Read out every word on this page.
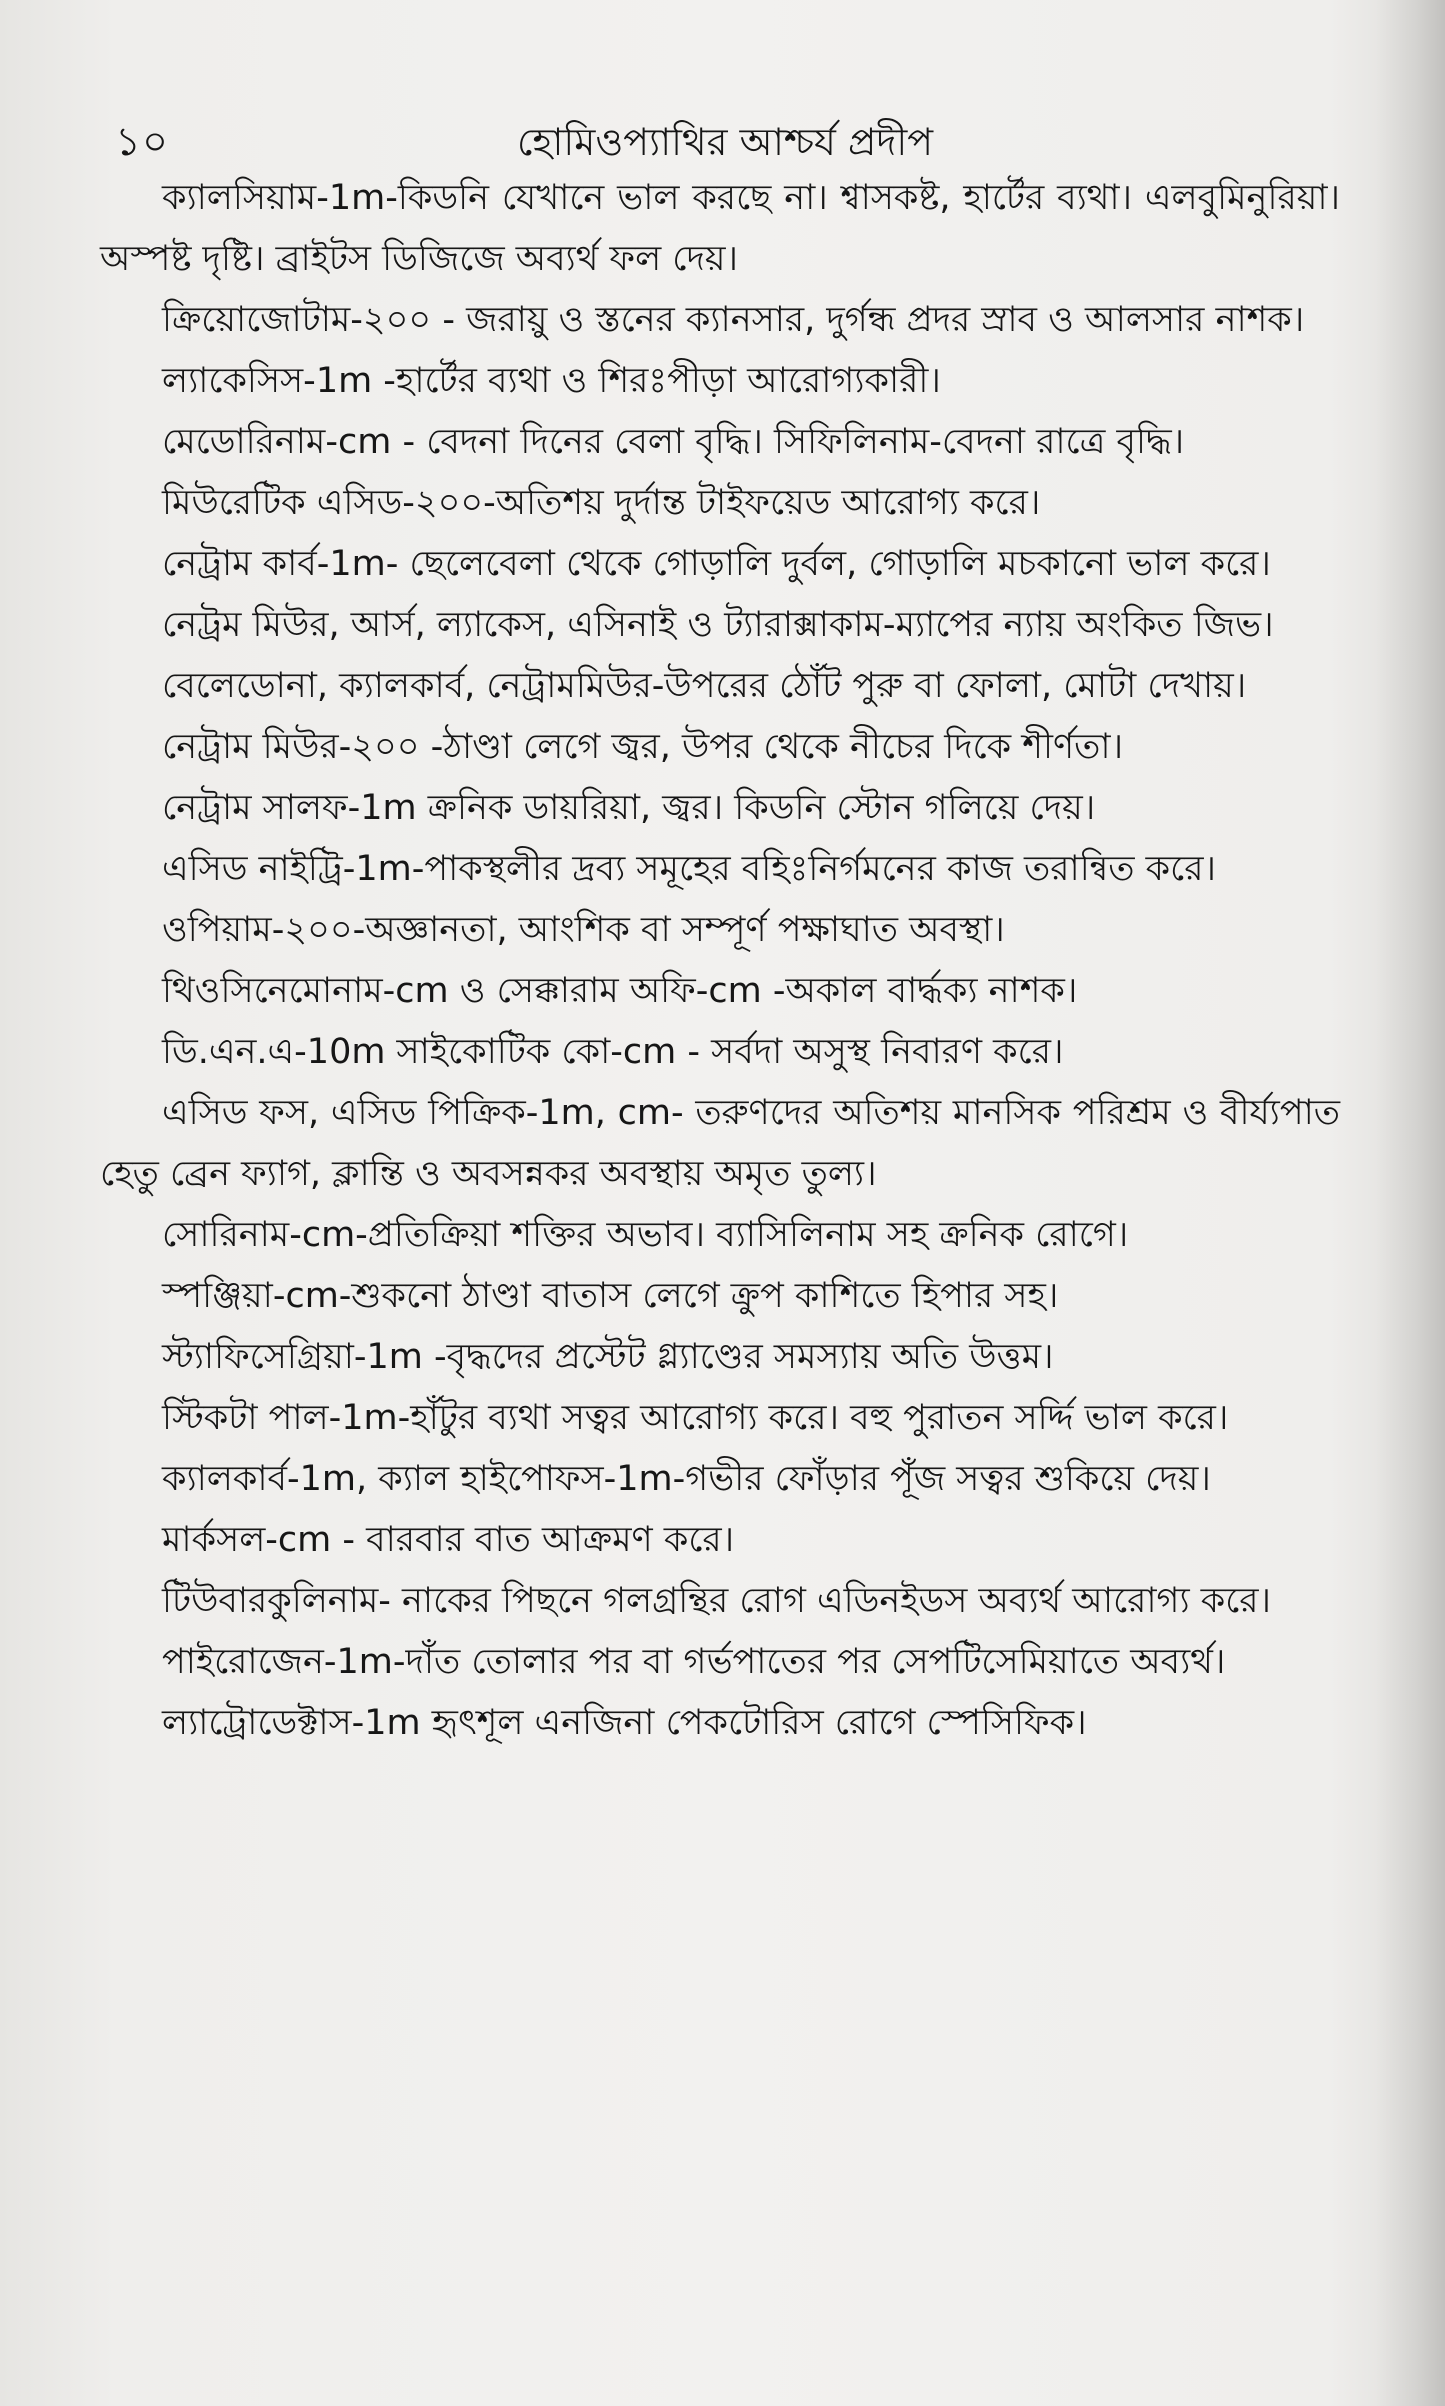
১০	হোমিওপ্যাথির আশ্চর্য প্রদীপ

ক্যালসিয়াম-1m-কিডনি যেখানে ভাল করছে না। শ্বাসকষ্ট, হার্টের ব্যথা। এলবুমিনুরিয়া। অস্পষ্ট দৃষ্টি। ব্রাইটস ডিজিজে অব্যর্থ ফল দেয়।

ক্রিয়োজোটাম-২০০ - জরায়ু ও স্তনের ক্যানসার, দুর্গন্ধ প্রদর স্রাব ও আলসার নাশক।

ল্যাকেসিস-1m -হার্টের ব্যথা ও শিরঃপীড়া আরোগ্যকারী।

মেডোরিনাম-cm - বেদনা দিনের বেলা বৃদ্ধি। সিফিলিনাম-বেদনা রাত্রে বৃদ্ধি।

মিউরেটিক এসিড-২০০-অতিশয় দুর্দান্ত টাইফয়েড আরোগ্য করে।

নেট্রাম কার্ব-1m- ছেলেবেলা থেকে গোড়ালি দুর্বল, গোড়ালি মচকানো ভাল করে।

নেট্রম মিউর, আর্স, ল্যাকেস, এসিনাই ও ট্যারাক্সাকাম-ম্যাপের ন্যায় অংকিত জিভ।

বেলেডোনা, ক্যালকার্ব, নেট্রামমিউর-উপরের ঠোঁট পুরু বা ফোলা, মোটা দেখায়।

নেট্রাম মিউর-২০০ -ঠাণ্ডা লেগে জ্বর, উপর থেকে নীচের দিকে শীর্ণতা।

নেট্রাম সালফ-1m ক্রনিক ডায়রিয়া, জ্বর। কিডনি স্টোন গলিয়ে দেয়।

এসিড নাইট্রি-1m-পাকস্থলীর দ্রব্য সমূহের বহিঃনির্গমনের কাজ তরান্বিত করে।

ওপিয়াম-২০০-অজ্ঞানতা, আংশিক বা সম্পূর্ণ পক্ষাঘাত অবস্থা।

থিওসিনেমোনাম-cm ও সেক্কারাম অফি-cm -অকাল বার্দ্ধক্য নাশক।

ডি.এন.এ-10m সাইকোটিক কো-cm - সর্বদা অসুস্থ নিবারণ করে।

এসিড ফস, এসিড পিক্রিক-1m, cm- তরুণদের অতিশয় মানসিক পরিশ্রম ও বীর্য্যপাত হেতু ব্রেন ফ্যাগ, ক্লান্তি ও অবসন্নকর অবস্থায় অমৃত তুল্য।

সোরিনাম-cm-প্রতিক্রিয়া শক্তির অভাব। ব্যাসিলিনাম সহ ক্রনিক রোগে।

স্পঞ্জিয়া-cm-শুকনো ঠাণ্ডা বাতাস লেগে ক্রুপ কাশিতে হিপার সহ।

স্ট্যাফিসেগ্রিয়া-1m -বৃদ্ধদের প্রস্টেট গ্ল্যাণ্ডের সমস্যায় অতি উত্তম।

স্টিকটা পাল-1m-হাঁটুর ব্যথা সত্বর আরোগ্য করে। বহু পুরাতন সর্দ্দি ভাল করে।

ক্যালকার্ব-1m, ক্যাল হাইপোফস-1m-গভীর ফোঁড়ার পূঁজ সত্বর শুকিয়ে দেয়।

মার্কসল-cm - বারবার বাত আক্রমণ করে।

টিউবারকুলিনাম- নাকের পিছনে গলগ্রন্থির রোগ এডিনইডস অব্যর্থ আরোগ্য করে।

পাইরোজেন-1m-দাঁত তোলার পর বা গর্ভপাতের পর সেপটিসেমিয়াতে অব্যর্থ।

ল্যাট্রোডেক্টাস-1m হৃৎশূল এনজিনা পেকটোরিস রোগে স্পেসিফিক।
